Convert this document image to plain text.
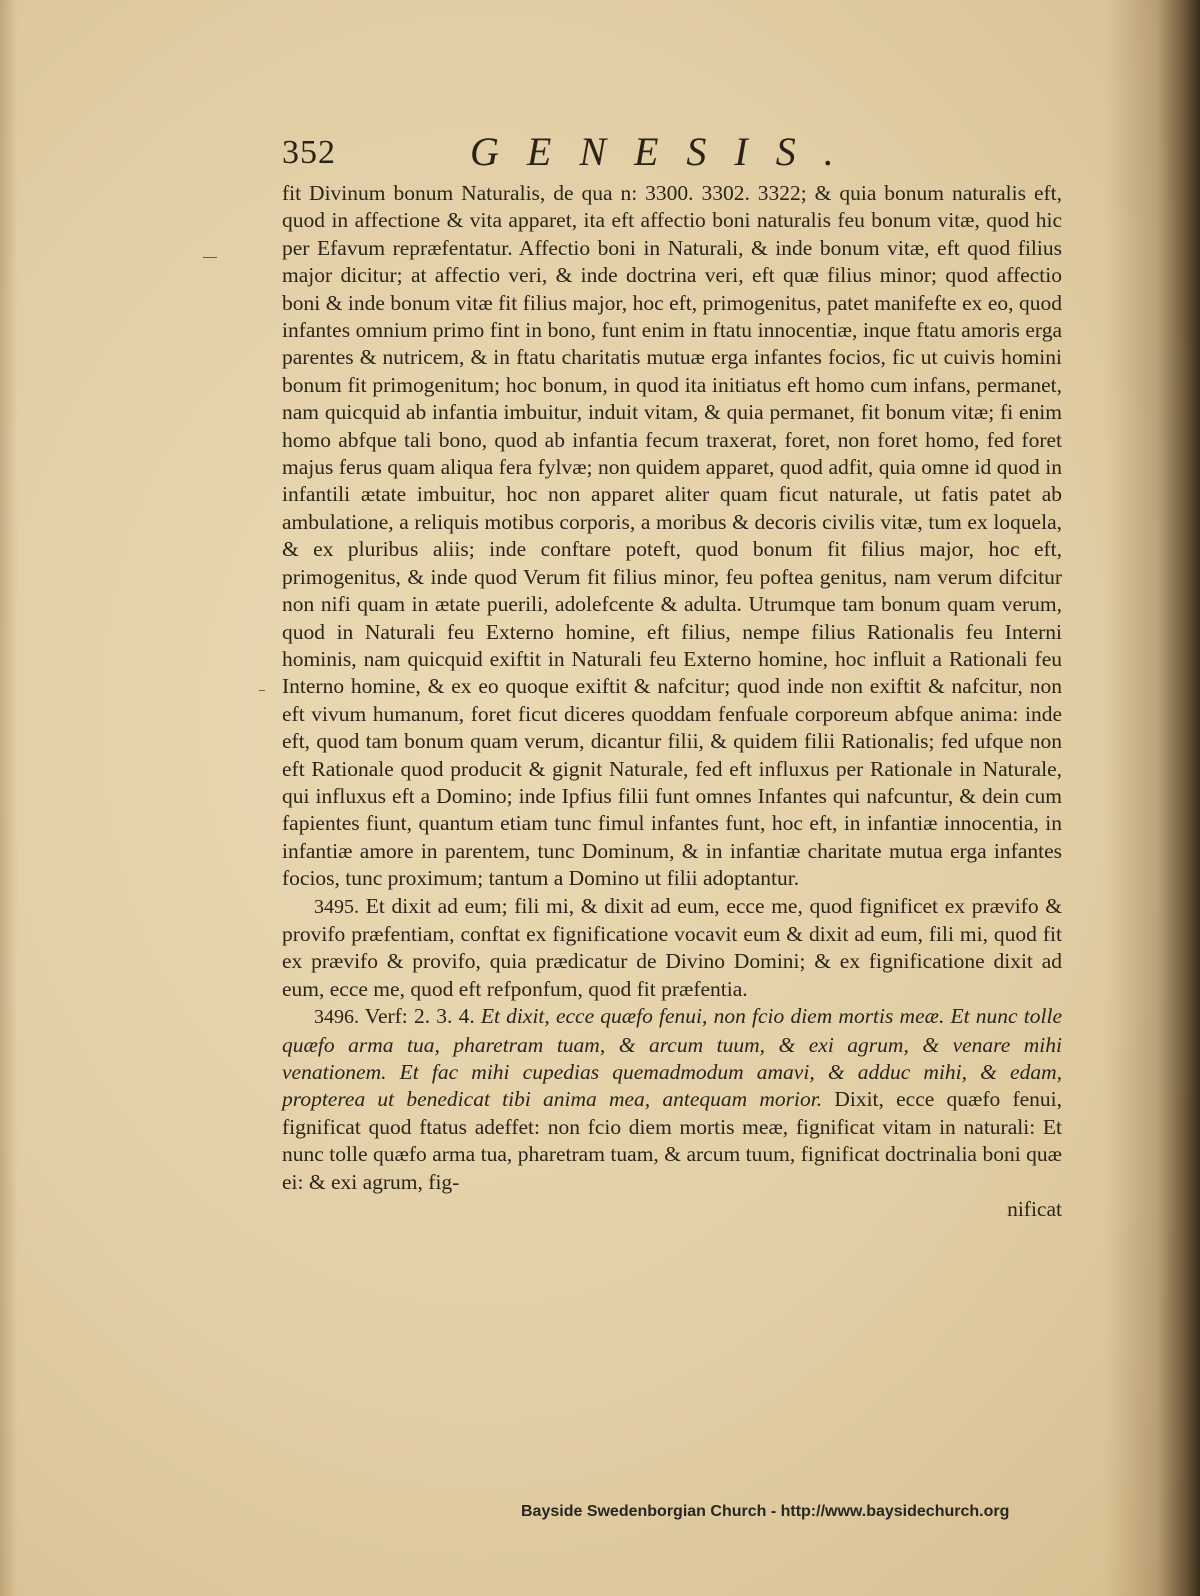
352	GENESIS.

fit Divinum bonum Naturalis, de qua n: 3300. 3302. 3322; & quia bonum naturalis eft, quod in affectione & vita apparet, ita eft affectio boni naturalis feu bonum vitæ, quod hic per Efavum repræfentatur. Affectio boni in Naturali, & inde bonum vitæ, eft quod filius major dicitur; at affectio veri, & inde doctrina veri, eft quæ filius minor; quod affectio boni & inde bonum vitæ fit filius major, hoc eft, primogenitus, patet manifefte ex eo, quod infantes omnium primo fint in bono, funt enim in ftatu innocentiæ, inque ftatu amoris erga parentes & nutricem, & in ftatu charitatis mutuæ erga infantes focios, fic ut cuivis homini bonum fit primogenitum; hoc bonum, in quod ita initiatus eft homo cum infans, permanet, nam quicquid ab infantia imbuitur, induit vitam, & quia permanet, fit bonum vitæ; fi enim homo abfque tali bono, quod ab infantia fecum traxerat, foret, non foret homo, fed foret majus ferus quam aliqua fera fylvæ; non quidem apparet, quod adfit, quia omne id quod in infantili ætate imbuitur, hoc non apparet aliter quam ficut naturale, ut fatis patet ab ambulatione, a reliquis motibus corporis, a moribus & decoris civilis vitæ, tum ex loquela, & ex pluribus aliis; inde conftare poteft, quod bonum fit filius major, hoc eft, primogenitus, & inde quod Verum fit filius minor, feu poftea genitus, nam verum difcitur non nifi quam in ætate puerili, adolefcente & adulta. Utrumque tam bonum quam verum, quod in Naturali feu Externo homine, eft filius, nempe filius Rationalis feu Interni hominis, nam quicquid exiftit in Naturali feu Externo homine, hoc influit a Rationali feu Interno homine, & ex eo quoque exiftit & nafcitur; quod inde non exiftit & nafcitur, non eft vivum humanum, foret ficut diceres quoddam fenfuale corporeum abfque anima: inde eft, quod tam bonum quam verum, dicantur filii, & quidem filii Rationalis; fed ufque non eft Rationale quod producit & gignit Naturale, fed eft influxus per Rationale in Naturale, qui influxus eft a Domino; inde Ipfius filii funt omnes Infantes qui nafcuntur, & dein cum fapientes fiunt, quantum etiam tunc fimul infantes funt, hoc eft, in infantiæ innocentia, in infantiæ amore in parentem, tunc Dominum, & in infantiæ charitate mutua erga infantes focios, tunc proximum; tantum a Domino ut filii adoptantur.

3495. Et dixit ad eum; fili mi, & dixit ad eum, ecce me, quod fignificet ex prævifo & provifo præfentiam, conftat ex fignificatione vocavit eum & dixit ad eum, fili mi, quod fit ex prævifo & provifo, quia prædicatur de Divino Domini; & ex fignificatione dixit ad eum, ecce me, quod eft refponfum, quod fit præfentia.

3496. Verf: 2. 3. 4. Et dixit, ecce quæfo fenui, non fcio diem mortis meæ. Et nunc tolle quæfo arma tua, pharetram tuam, & arcum tuum, & exi agrum, & venare mihi venationem. Et fac mihi cupedias quemadmodum amavi, & adduc mihi, & edam, propterea ut benedicat tibi anima mea, antequam morior. Dixit, ecce quæfo fenui, fignificat quod ftatus adeffet: non fcio diem mortis meæ, fignificat vitam in naturali: Et nunc tolle quæfo arma tua, pharetram tuam, & arcum tuum, fignificat doctrinalia boni quæ ei: & exi agrum, fig-

nificat

Bayside Swedenborgian Church - http://www.baysidechurch.org
